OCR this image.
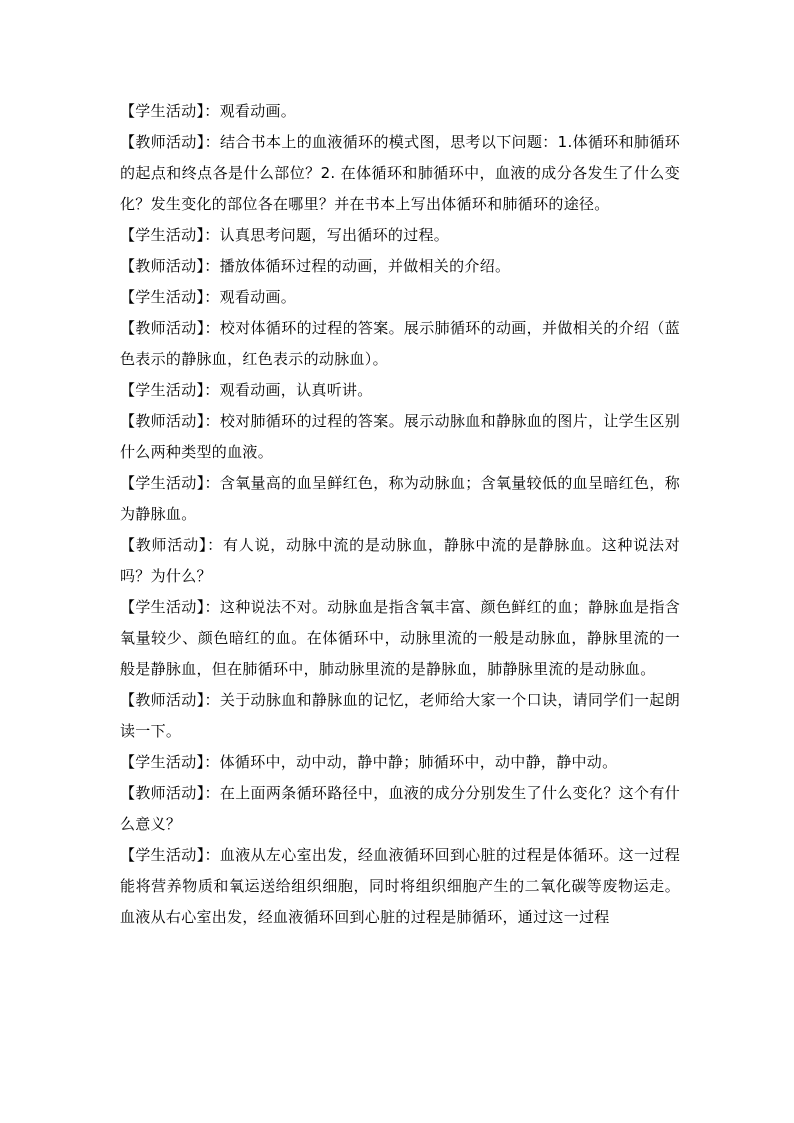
【学生活动】：观看动画。

【教师活动】：结合书本上的血液循环的模式图，思考以下问题：1.体循环和肺循环的起点和终点各是什么部位？2. 在体循环和肺循环中，血液的成分各发生了什么变化？发生变化的部位各在哪里？并在书本上写出体循环和肺循环的途径。

【学生活动】：认真思考问题，写出循环的过程。

【教师活动】：播放体循环过程的动画，并做相关的介绍。

【学生活动】：观看动画。

【教师活动】：校对体循环的过程的答案。展示肺循环的动画，并做相关的介绍（蓝色表示的静脉血，红色表示的动脉血）。

【学生活动】：观看动画，认真听讲。

【教师活动】：校对肺循环的过程的答案。展示动脉血和静脉血的图片，让学生区别什么两种类型的血液。

【学生活动】：含氧量高的血呈鲜红色，称为动脉血；含氧量较低的血呈暗红色，称为静脉血。

【教师活动】：有人说，动脉中流的是动脉血，静脉中流的是静脉血。这种说法对吗？为什么？

【学生活动】：这种说法不对。动脉血是指含氧丰富、颜色鲜红的血；静脉血是指含氧量较少、颜色暗红的血。在体循环中，动脉里流的一般是动脉血，静脉里流的一般是静脉血，但在肺循环中，肺动脉里流的是静脉血，肺静脉里流的是动脉血。

【教师活动】：关于动脉血和静脉血的记忆，老师给大家一个口诀，请同学们一起朗读一下。

【学生活动】：体循环中，动中动，静中静；肺循环中，动中静，静中动。

【教师活动】：在上面两条循环路径中，血液的成分分别发生了什么变化？这个有什么意义？

【学生活动】：血液从左心室出发，经血液循环回到心脏的过程是体循环。这一过程能将营养物质和氧运送给组织细胞，同时将组织细胞产生的二氧化碳等废物运走。血液从右心室出发，经血液循环回到心脏的过程是肺循环，通过这一过程
